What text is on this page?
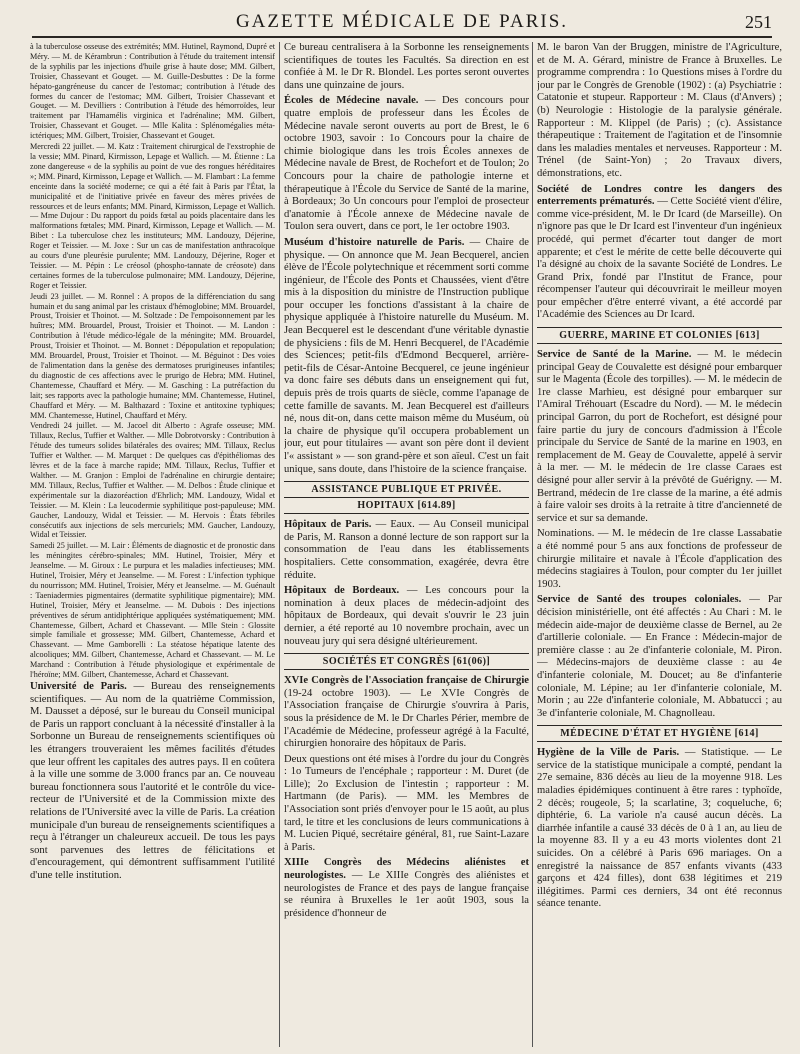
GAZETTE MÉDICALE DE PARIS.	251

à la tuberculose osseuse des extrémités; MM. Hutinel, Raymond, Dupré et Méry. — M. de Kérambrun : Contribution à l'étude du traitement intensif de la syphilis par les injections d'huile grise à haute dose; MM. Gilbert, Troisier, Chassevant et Gouget. — M. Guille-Desbuttes : De la forme hépato-gangréneuse du cancer de l'estomac; contribution à l'étude des formes du cancer de l'estomac; MM. Gilbert, Troisier Chassevant et Gouget. — M. Devilliers : Contribution à l'étude des hémorroïdes, leur traitement par l'Hamamélis virginica et l'adrénaline; MM. Gilbert, Troisier, Chassevant et Gouget. — Mlle Kalita : Splénomégalies méta-ictériques; MM. Gilbert, Troisier, Chassevant et Gouget.

Mercredi 22 juillet. — M. Katz : Traitement chirurgical de l'exstrophie de la vessie; MM. Pinard, Kirmisson, Lepage et Wallich. — M. Étienne : La zone dangereuse « de la syphilis au point de vue des rongues héréditaires »; MM. Pinard, Kirmisson, Lepage et Wallich. — M. Flambart : La femme enceinte dans la société moderne; ce qui a été fait à Paris par l'État, la municipalité et de l'initiative privée en faveur des mères privées de ressources et de leurs enfants; MM. Pinard, Kirmisson, Lepage et Wallich. — Mme Dujour : Du rapport du poids fœtal au poids placentaire dans les malformations fœtales; MM. Pinard, Kirmisson, Lepage et Wallich. — M. Bibet : La tuberculose chez les instituteurs; MM. Landouzy, Déjerine, Roger et Teissier. — M. Joxe : Sur un cas de manifestation anthracoïque au cours d'une pleurésie purulente; MM. Landouzy, Déjerine, Roger et Teissier. — M. Pépin : Le créosol (phospho-tannate de créosote) dans certaines formes de la tuberculose pulmonaire; MM. Landouzy, Déjerine, Roger et Teissier.

Jeudi 23 juillet. — M. Ronnel : A propos de la différenciation du sang humain et du sang animal par les cristaux d'hémoglobine; MM. Brouardel, Proust, Troisier et Thoinot. — M. Soltzade : De l'empoisonnement par les huîtres; MM. Brouardel, Proust, Troisier et Thoinot. — M. Landon : Contribution à l'étude médico-légale de la méningite; MM. Brouardel, Proust, Troisier et Thoinot. — M. Bonnet : Dépopulation et repopulation; MM. Brouardel, Proust, Troisier et Thoinot. — M. Béguinot : Des voies de l'alimentation dans la genèse des dermatoses prurigineuses infantiles; du diagnostic de ces affections avec le prurigo de Hebra; MM. Hutinel, Chantemesse, Chauffard et Méry. — M. Gasching : La putréfaction du lait; ses rapports avec la pathologie humaine; MM. Chantemesse, Hutinel, Chauffard et Méry. — M. Balthazard : Toxine et antitoxine typhiques; MM. Chantemesse, Hutinel, Chauffard et Méry.

Vendredi 24 juillet. — M. Jacoel dit Alberto : Agrafe osseuse; MM. Tillaux, Reclus, Tuffier et Walther. — Mlle Dobrotvorsky : Contribution à l'étude des tumeurs solides bilatérales des ovaires; MM. Tillaux, Reclus Tuffier et Walther. — M. Marquet : De quelques cas d'épithéliomas des lèvres et de la face à marche rapide; MM. Tillaux, Reclus, Tuffier et Walther. — M. Granjon : Emploi de l'adrénaline en chirurgie dentaire; MM. Tillaux, Reclus, Tuffier et Walther. — M. Delbos : Étude clinique et expérimentale sur la diazoréaction d'Ehrlich; MM. Landouzy, Widal et Teissier. — M. Klein : La leucodermie syphilitique post-papuleuse; MM. Gaucher, Landouzy, Widal et Teissier. — M. Hervois : États fébriles consécutifs aux injections de sels mercuriels; MM. Gaucher, Landouzy, Widal et Teissier.

Samedi 25 juillet. — M. Lair : Éléments de diagnostic et de pronostic dans les méningites cérébro-spinales; MM. Hutinel, Troisier, Méry et Jeanselme. — M. Giroux : Le purpura et les maladies infectieuses; MM. Hutinel, Troisier, Méry et Jeanselme. — M. Forest : L'infection typhique du nourrisson; MM. Hutinel, Troisier, Méry et Jeanselme. — M. Guénault : Taeniadermies pigmentaires (dermatite syphilitique pigmentaire); MM. Hutinel, Troisier, Méry et Jeanselme. — M. Dubois : Des injections préventives de sérum antidiphtérique appliquées systématiquement; MM. Chantemesse, Gilbert, Achard et Chassevant. — Mlle Stein : Glossite simple familiale et grossesse; MM. Gilbert, Chantemesse, Achard et Chassevant. — Mme Gamborelli : La stéatose hépatique latente des alcooliques; MM. Gilbert, Chantemesse, Achard et Chassevant. — M. Le Marchand : Contribution à l'étude physiologique et expérimentale de l'héroïne; MM. Gilbert, Chantemesse, Achard et Chassevant.

Université de Paris. — Bureau des renseignements scientifiques. — Au nom de la quatrième Commission, M. Dausset a déposé, sur le bureau du Conseil municipal de Paris un rapport concluant à la nécessité d'installer à la Sorbonne un Bureau de renseignements scientifiques où les étrangers trouveraient les mêmes facilités d'études que leur offrent les capitales des autres pays. Il en coûtera à la ville une somme de 3.000 francs par an. Ce nouveau bureau fonctionnera sous l'autorité et le contrôle du vice-recteur de l'Université et de la Commission mixte des relations de l'Université avec la ville de Paris. La création municipale d'un bureau de renseignements scientifiques a reçu à l'étranger un chaleureux accueil. De tous les pays sont parvenues des lettres de félicitations et d'encouragement, qui démontrent suffisamment l'utilité d'une telle institution.

Ce bureau centralisera à la Sorbonne les renseignements scientifiques de toutes les Facultés. Sa direction en est confiée à M. le Dr R. Blondel. Les portes seront ouvertes dans une quinzaine de jours.

Écoles de Médecine navale. — Des concours pour quatre emplois de professeur dans les Écoles de Médecine navale seront ouverts au port de Brest, le 6 octobre 1903, savoir : 1o Concours pour la chaire de chimie biologique dans les trois Écoles annexes de Médecine navale de Brest, de Rochefort et de Toulon; 2o Concours pour la chaire de pathologie interne et thérapeutique à l'École du Service de Santé de la marine, à Bordeaux; 3o Un concours pour l'emploi de prosecteur d'anatomie à l'École annexe de Médecine navale de Toulon sera ouvert, dans ce port, le 1er octobre 1903.

Muséum d'histoire naturelle de Paris. — Chaire de physique. — On annonce que M. Jean Becquerel, ancien élève de l'École polytechnique et récemment sorti comme ingénieur, de l'École des Ponts et Chaussées, vient d'être mis à la disposition du ministre de l'Instruction publique pour occuper les fonctions d'assistant à la chaire de physique appliquée à l'histoire naturelle du Muséum. M. Jean Becquerel est le descendant d'une véritable dynastie de physiciens : fils de M. Henri Becquerel, de l'Académie des Sciences; petit-fils d'Edmond Becquerel, arrière-petit-fils de César-Antoine Becquerel, ce jeune ingénieur va donc faire ses débuts dans un enseignement qui fut, depuis près de trois quarts de siècle, comme l'apanage de cette famille de savants. M. Jean Becquerel est d'ailleurs né, nous dit-on, dans cette maison même du Muséum, où la chaire de physique qu'il occupera probablement un jour, eut pour titulaires — avant son père dont il devient l'« assistant » — son grand-père et son aïeul. C'est un fait unique, sans doute, dans l'histoire de la science française.

ASSISTANCE PUBLIQUE ET PRIVÉE.
HOPITAUX [614.89]

Hôpitaux de Paris. — Eaux. — Au Conseil municipal de Paris, M. Ranson a donné lecture de son rapport sur la consommation de l'eau dans les établissements hospitaliers. Cette consommation, exagérée, devra être réduite.

Hôpitaux de Bordeaux. — Les concours pour la nomination à deux places de médecin-adjoint des hôpitaux de Bordeaux, qui devait s'ouvrir le 23 juin dernier, a été reporté au 10 novembre prochain, avec un nouveau jury qui sera désigné ultérieurement.

SOCIÉTÉS ET CONGRÈS [61(06)]

XVIe Congrès de l'Association française de Chirurgie (19-24 octobre 1903). — Le XVIe Congrès de l'Association française de Chirurgie s'ouvrira à Paris, sous la présidence de M. le Dr Charles Périer, membre de l'Académie de Médecine, professeur agrégé à la Faculté, chirurgien honoraire des hôpitaux de Paris.

Deux questions ont été mises à l'ordre du jour du Congrès : 1o Tumeurs de l'encéphale ; rapporteur : M. Duret (de Lille); 2o Exclusion de l'intestin ; rapporteur : M. Hartmann (de Paris). — MM. les Membres de l'Association sont priés d'envoyer pour le 15 août, au plus tard, le titre et les conclusions de leurs communications à M. Lucien Piqué, secrétaire général, 81, rue Saint-Lazare à Paris.

XIIIe Congrès des Médecins aliénistes et neurologistes. — Le XIIIe Congrès des aliénistes et neurologistes de France et des pays de langue française se réunira à Bruxelles le 1er août 1903, sous la présidence d'honneur de

M. le baron Van der Bruggen, ministre de l'Agriculture, et de M. A. Gérard, ministre de France à Bruxelles. Le programme comprendra : 1o Questions mises à l'ordre du jour par le Congrès de Grenoble (1902) : (a) Psychiatrie : Catatonie et stupeur. Rapporteur : M. Claus (d'Anvers) ; (b) Neurologie : Histologie de la paralysie générale. Rapporteur : M. Klippel (de Paris) ; (c). Assistance thérapeutique : Traitement de l'agitation et de l'insomnie dans les maladies mentales et nerveuses. Rapporteur : M. Trénel (de Saint-Yon) ; 2o Travaux divers, démonstrations, etc.

Société de Londres contre les dangers des enterrements prématurés. — Cette Société vient d'élire, comme vice-président, M. le Dr Icard (de Marseille). On n'ignore pas que le Dr Icard est l'inventeur d'un ingénieux procédé, qui permet d'écarter tout danger de mort apparente; et c'est le mérite de cette belle découverte qui l'a désigné au choix de la savante Société de Londres. Le Grand Prix, fondé par l'Institut de France, pour récompenser l'auteur qui découvrirait le meilleur moyen pour empêcher d'être enterré vivant, a été accordé par l'Académie des Sciences au Dr Icard.

GUERRE, MARINE ET COLONIES [613]

Service de Santé de la Marine. — M. le médecin principal Geay de Couvalette est désigné pour embarquer sur le Magenta (École des torpilles). — M. le médecin de 1re classe Marhieu, est désigné pour embarquer sur l'Amiral Tréhouart (Escadre du Nord). — M. le médecin principal Garron, du port de Rochefort, est désigné pour faire partie du jury de concours d'admission à l'École principale du Service de Santé de la marine en 1903, en remplacement de M. Geay de Couvalette, appelé à servir à la mer. — M. le médecin de 1re classe Caraes est désigné pour aller servir à la prévôté de Guérigny. — M. Bertrand, médecin de 1re classe de la marine, a été admis à faire valoir ses droits à la retraite à titre d'ancienneté de service et sur sa demande.

Nominations. — M. le médecin de 1re classe Lassabatie a été nommé pour 5 ans aux fonctions de professeur de chirurgie militaire et navale à l'École d'application des médecins stagiaires à Toulon, pour compter du 1er juillet 1903.

Service de Santé des troupes coloniales. — Par décision ministérielle, ont été affectés : Au Chari : M. le médecin aide-major de deuxième classe de Bernel, au 2e d'artillerie coloniale. — En France : Médecin-major de première classe : au 2e d'infanterie coloniale, M. Piron. — Médecins-majors de deuxième classe : au 4e d'infanterie coloniale, M. Doucet; au 8e d'infanterie coloniale, M. Lépine; au 1er d'infanterie coloniale, M. Morin ; au 22e d'infanterie coloniale, M. Abbatucci ; au 3e d'infanterie coloniale, M. Chagnolleau.

MÉDECINE D'ÉTAT ET HYGIÈNE [614]

Hygiène de la Ville de Paris. — Statistique. — Le service de la statistique municipale a compté, pendant la 27e semaine, 836 décès au lieu de la moyenne 918. Les maladies épidémiques continuent à être rares : typhoïde, 2 décès; rougeole, 5; la scarlatine, 3; coqueluche, 6; diphtérie, 6. La variole n'a causé aucun décès. La diarrhée infantile a causé 33 décès de 0 à 1 an, au lieu de la moyenne 83. Il y a eu 43 morts violentes dont 21 suicides. On a célébré à Paris 696 mariages. On a enregistré la naissance de 857 enfants vivants (433 garçons et 424 filles), dont 638 légitimes et 219 illégitimes. Parmi ces derniers, 34 ont été reconnus séance tenante.
